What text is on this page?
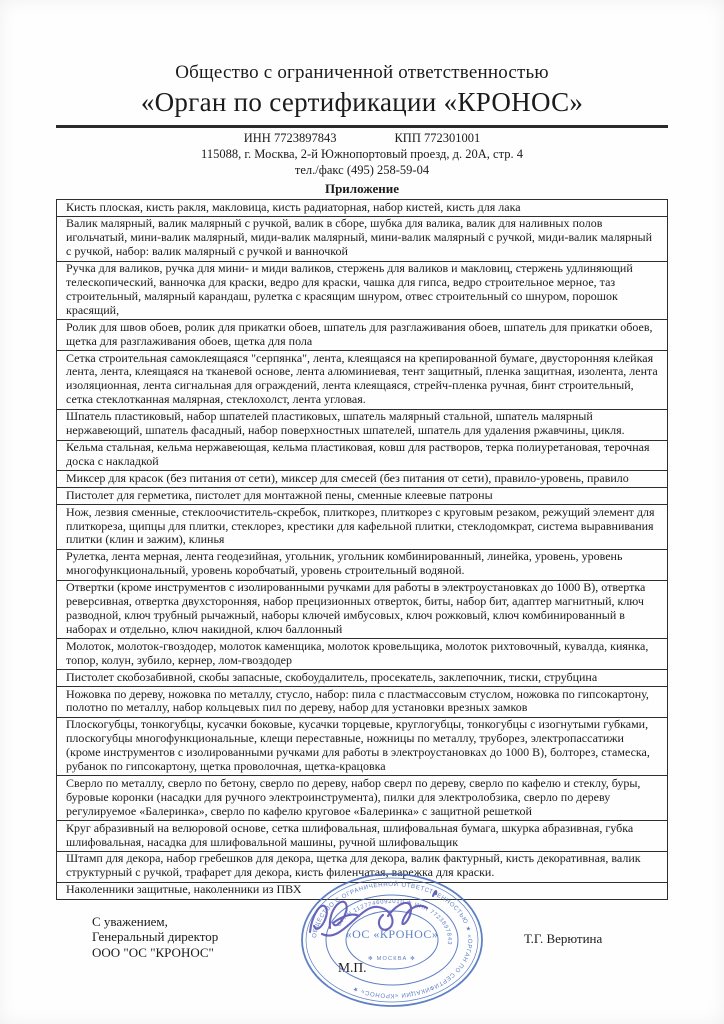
Общество с ограниченной ответственностью
«Орган по сертификации «КРОНОС»
ИНН 7723897843	КПП 772301001
115088, г. Москва, 2-й Южнопортовый проезд, д. 20А, стр. 4
тел./факс (495) 258-59-04
Приложение
Кисть плоская, кисть ракля, макловица, кисть радиаторная, набор кистей, кисть для лака
Валик малярный, валик малярный с ручкой, валик в сборе, шубка для валика, валик для наливных полов игольчатый, мини-валик малярный, миди-валик малярный, мини-валик малярный с ручкой, миди-валик малярный с ручкой, набор: валик малярный с ручкой и ванночкой
Ручка для валиков, ручка для мини- и миди валиков, стержень для валиков и макловиц, стержень удлиняющий телескопический, ванночка для краски, ведро для краски, чашка для гипса, ведро строительное мерное, таз строительный, малярный карандаш, рулетка с красящим шнуром, отвес строительный со шнуром, порошок красящий,
Ролик для швов обоев, ролик для прикатки обоев, шпатель для разглаживания обоев, шпатель для прикатки обоев, щетка для разглаживания обоев, щетка для пола
Сетка строительная самоклеящаяся "серпянка", лента, клеящаяся на крепированной бумаге, двусторонняя клейкая лента, лента, клеящаяся на тканевой основе, лента алюминиевая, тент защитный, пленка защитная, изолента, лента изоляционная, лента сигнальная для ограждений, лента клеящаяся, стрейч-пленка ручная, бинт строительный, сетка стеклотканная малярная, стеклохолст, лента угловая.
Шпатель пластиковый, набор шпателей пластиковых, шпатель малярный стальной, шпатель малярный нержавеющий, шпатель фасадный, набор поверхностных шпателей, шпатель для удаления ржавчины, цикля.
Кельма стальная, кельма нержавеющая, кельма пластиковая, ковш для растворов, терка полиуретановая, терочная доска с накладкой
Миксер для красок (без питания от сети), миксер для смесей (без питания от сети), правило-уровень, правило
Пистолет для герметика, пистолет для монтажной пены, сменные клеевые патроны
Нож, лезвия сменные, стеклоочиститель-скребок, плиткорез, плиткорез с круговым резаком, режущий элемент для плиткореза, щипцы для плитки, стеклорез, крестики для кафельной плитки, стеклодомкрат, система выравнивания плитки (клин и зажим), клинья
Рулетка, лента мерная, лента геодезийная, угольник, угольник комбинированный, линейка, уровень, уровень многофункциональный, уровень коробчатый, уровень строительный водяной.
Отвертки (кроме инструментов с изолированными ручками для работы в электроустановках до 1000 В), отвертка реверсивная, отвертка двухсторонняя, набор прецизионных отверток, биты, набор бит, адаптер магнитный, ключ разводной, ключ трубный рычажный, наборы ключей имбусовых, ключ рожковый, ключ комбинированный в наборах и отдельно, ключ накидной, ключ баллонный
Молоток, молоток-гвоздодер, молоток каменщика, молоток кровельщика, молоток рихтовочный, кувалда, киянка, топор, колун, зубило, кернер, лом-гвоздодер
Пистолет скобозабивной, скобы запасные, скобоудалитель, просекатель, заклепочник, тиски, струбцина
Ножовка по дереву, ножовка по металлу, стусло, набор: пила с пластмассовым стуслом, ножовка по гипсокартону, полотно по металлу, набор кольцевых пил по дереву, набор для установки врезных замков
Плоскогубцы, тонкогубцы, кусачки боковые, кусачки торцевые, круглогубцы, тонкогубцы с изогнутыми губками, плоскогубцы многофункциональные, клещи переставные, ножницы по металлу, труборез, электропассатижи (кроме инструментов с изолированными ручками для работы в электроустановках до 1000 В), болторез, стамеска, рубанок по гипсокартону, щетка проволочная, щетка-крацовка
Сверло по металлу, сверло по бетону, сверло по дереву, набор сверл по дереву, сверло по кафелю и стеклу, буры, буровые коронки (насадки для ручного электроинструмента), пилки для электролобзика, сверло по дереву регулируемое «Балеринка», сверло по кафелю круговое «Балеринка» с защитной решеткой
Круг абразивный на велюровой основе, сетка шлифовальная, шлифовальная бумага, шкурка абразивная, губка шлифовальная, насадка для шлифовальной машины, ручной шлифовальщик
Штамп для декора, набор гребешков для декора, щетка для декора, валик фактурный, кисть декоративная, валик структурный с ручкой, трафарет для декора, кисть филенчатая, варежка для краски.
Наколенники защитные, наколенники из ПВХ
С уважением,
Генеральный директор
ООО "ОС "КРОНОС"
Т.Г. Верютина
М.П.
ОБЩЕСТВО С ОГРАНИЧЕННОЙ ОТВЕТСТВЕННОСТЬЮ ★ «ОРГАН ПО СЕРТИФИКАЦИИ «КРОНОС» ★
ОГРН 1127746092010 ✻ ИНН 7723897843
«ОС «КРОНОС»
✻ МОСКВА ✻
